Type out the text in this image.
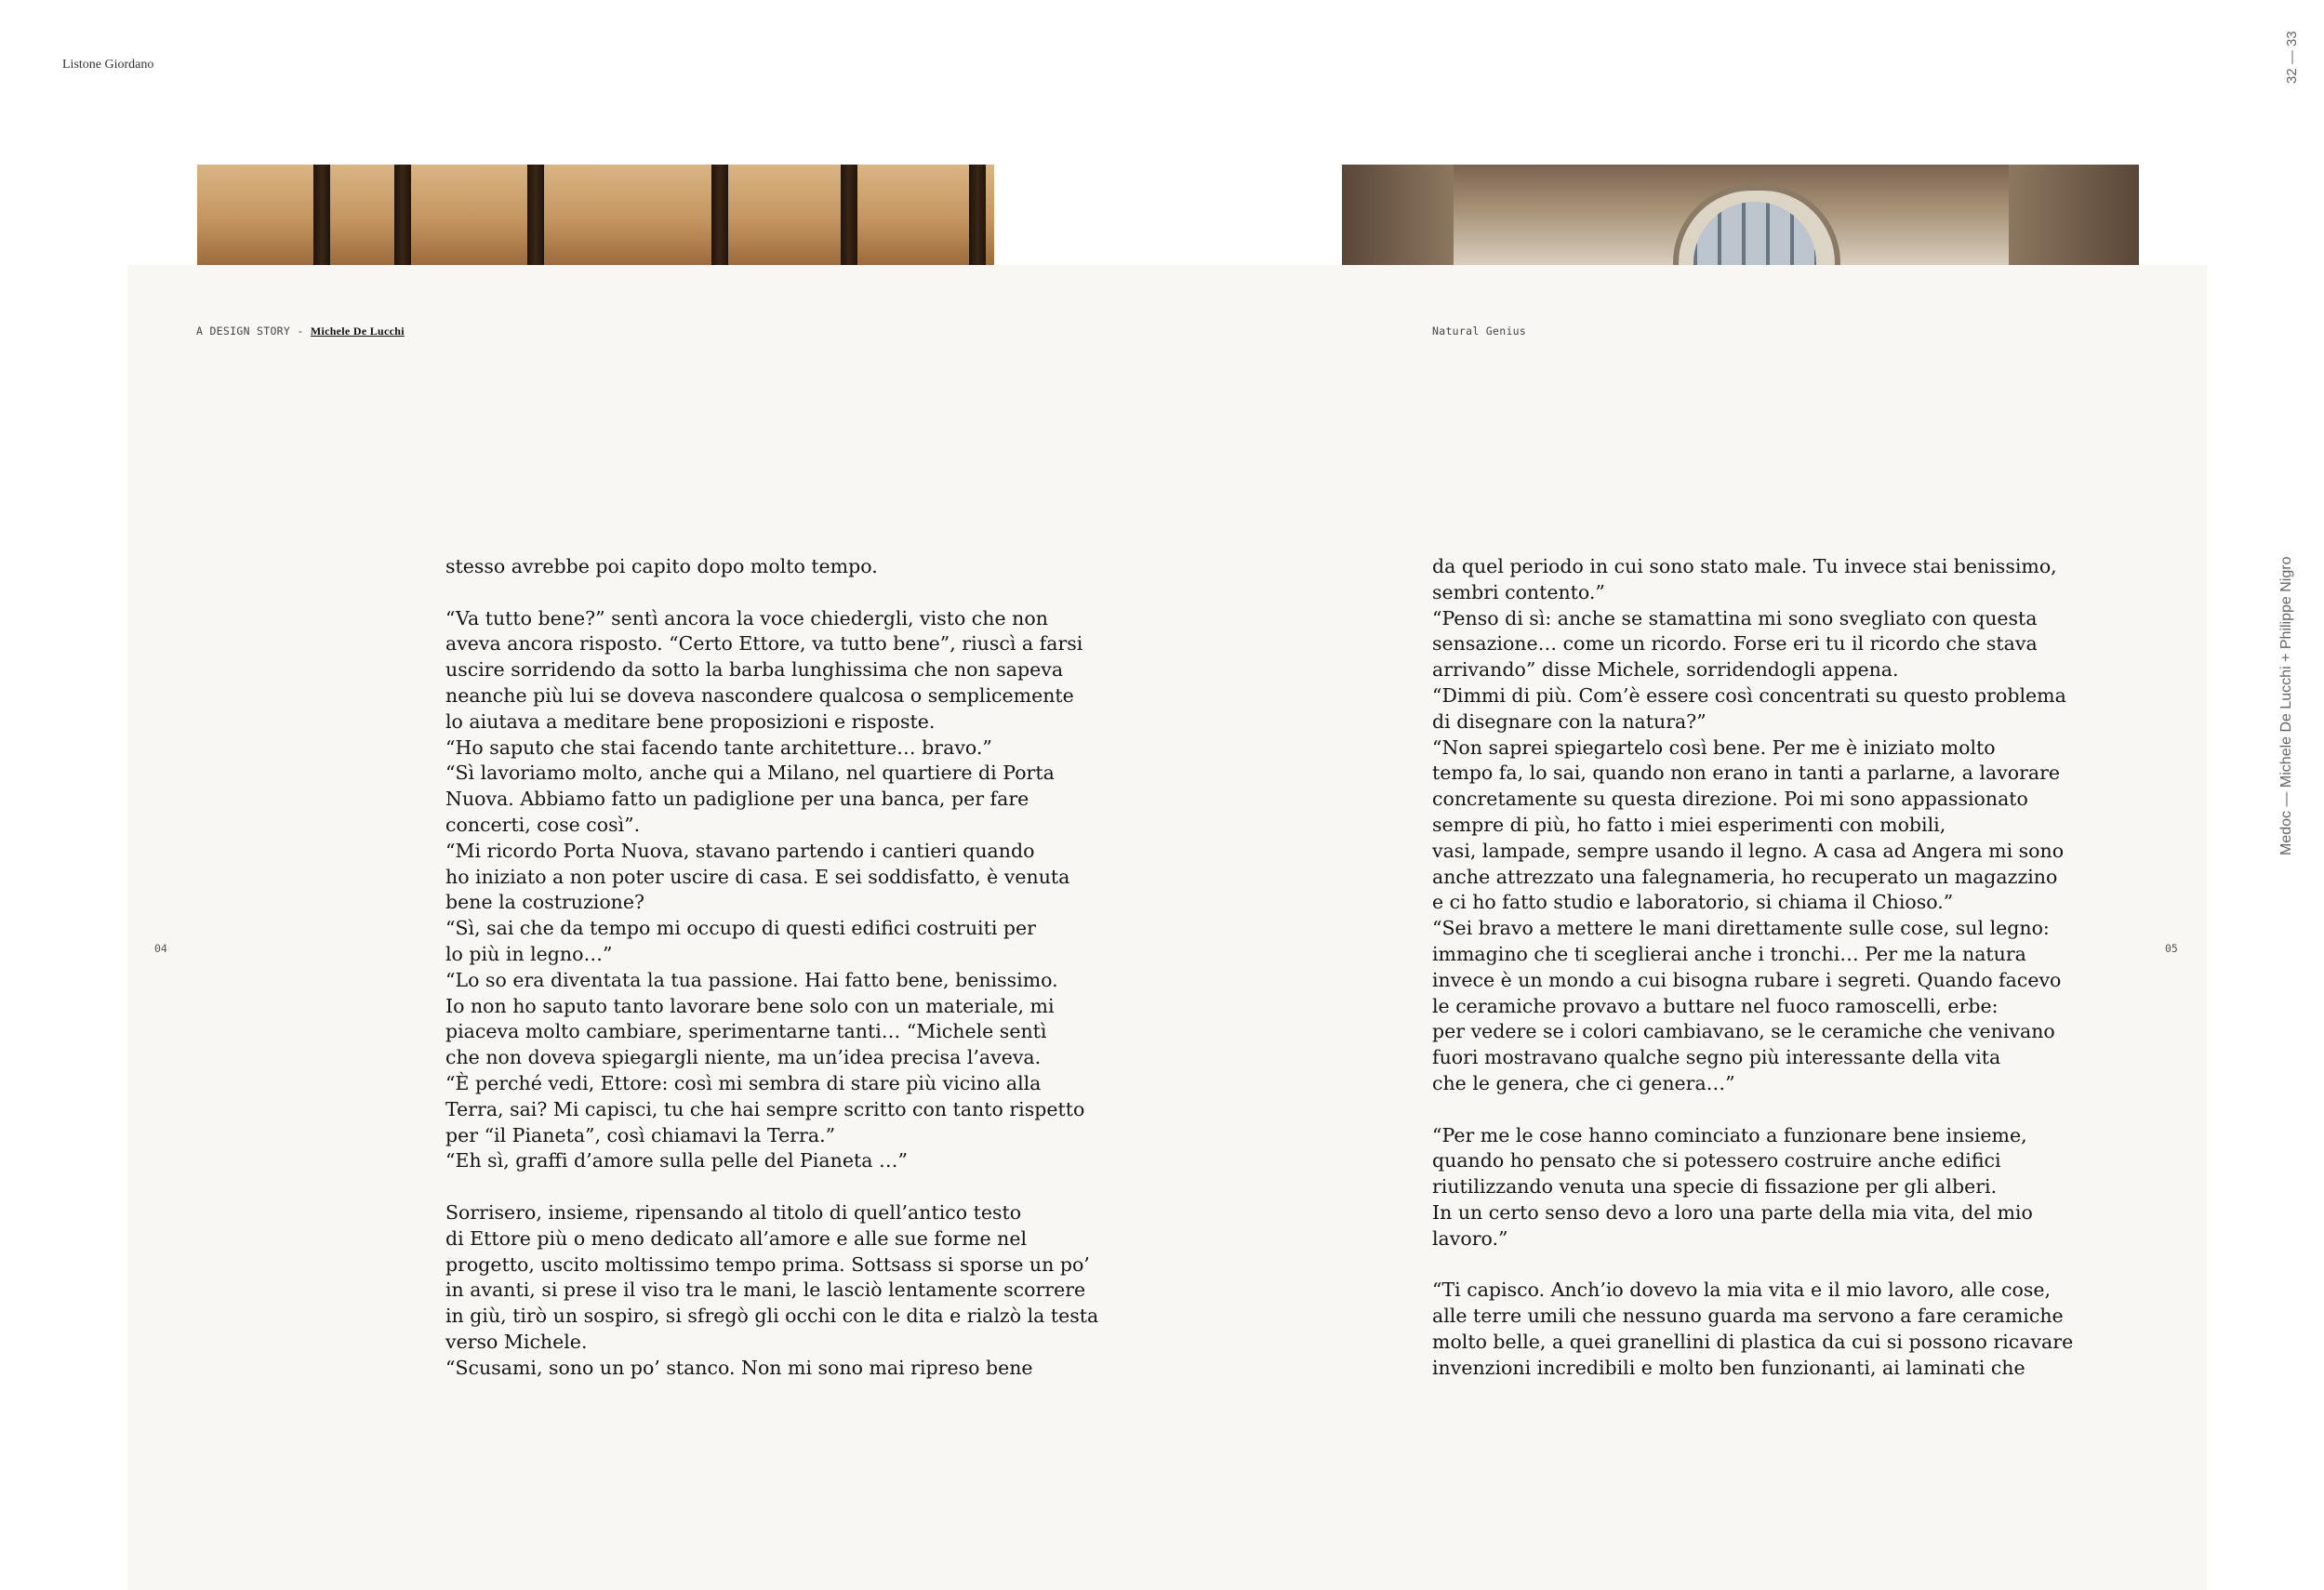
Listone Giordano	32 — 33
Medoc — Michele De Lucchi + Philippe Nigro
A DESIGN STORY - Michele De Lucchi	Natural Genius
04	05

stesso avrebbe poi capito dopo molto tempo.

“Va tutto bene?” sentì ancora la voce chiedergli, visto che non

aveva ancora risposto. “Certo Ettore, va tutto bene”, riuscì a farsi

uscire sorridendo da sotto la barba lunghissima che non sapeva

neanche più lui se doveva nascondere qualcosa o semplicemente

lo aiutava a meditare bene proposizioni e risposte.

“Ho saputo che stai facendo tante architetture… bravo.”

“Sì lavoriamo molto, anche qui a Milano, nel quartiere di Porta

Nuova. Abbiamo fatto un padiglione per una banca, per fare

concerti, cose così”.

“Mi ricordo Porta Nuova, stavano partendo i cantieri quando

ho iniziato a non poter uscire di casa. E sei soddisfatto, è venuta

bene la costruzione?

“Sì, sai che da tempo mi occupo di questi edifici costruiti per

lo più in legno…”

“Lo so era diventata la tua passione. Hai fatto bene, benissimo.

Io non ho saputo tanto lavorare bene solo con un materiale, mi

piaceva molto cambiare, sperimentarne tanti… “Michele sentì

che non doveva spiegargli niente, ma un’idea precisa l’aveva.

“È perché vedi, Ettore: così mi sembra di stare più vicino alla

Terra, sai? Mi capisci, tu che hai sempre scritto con tanto rispetto

per “il Pianeta”, così chiamavi la Terra.”

“Eh sì, graffi d’amore sulla pelle del Pianeta …”

Sorrisero, insieme, ripensando al titolo di quell’antico testo

di Ettore più o meno dedicato all’amore e alle sue forme nel

progetto, uscito moltissimo tempo prima. Sottsass si sporse un po’

in avanti, si prese il viso tra le mani, le lasciò lentamente scorrere

in giù, tirò un sospiro, si sfregò gli occhi con le dita e rialzò la testa

verso Michele.

“Scusami, sono un po’ stanco. Non mi sono mai ripreso bene

da quel periodo in cui sono stato male. Tu invece stai benissimo,

sembri contento.”

“Penso di sì: anche se stamattina mi sono svegliato con questa

sensazione… come un ricordo. Forse eri tu il ricordo che stava

arrivando” disse Michele, sorridendogli appena.

“Dimmi di più. Com’è essere così concentrati su questo problema

di disegnare con la natura?”

“Non saprei spiegartelo così bene. Per me è iniziato molto

tempo fa, lo sai, quando non erano in tanti a parlarne, a lavorare

concretamente su questa direzione. Poi mi sono appassionato

sempre di più, ho fatto i miei esperimenti con mobili,

vasi, lampade, sempre usando il legno. A casa ad Angera mi sono

anche attrezzato una falegnameria, ho recuperato un magazzino

e ci ho fatto studio e laboratorio, si chiama il Chioso.”

“Sei bravo a mettere le mani direttamente sulle cose, sul legno:

immagino che ti sceglierai anche i tronchi… Per me la natura

invece è un mondo a cui bisogna rubare i segreti. Quando facevo

le ceramiche provavo a buttare nel fuoco ramoscelli, erbe:

per vedere se i colori cambiavano, se le ceramiche che venivano

fuori mostravano qualche segno più interessante della vita

che le genera, che ci genera…”

“Per me le cose hanno cominciato a funzionare bene insieme,

quando ho pensato che si potessero costruire anche edifici

riutilizzando venuta una specie di fissazione per gli alberi.

In un certo senso devo a loro una parte della mia vita, del mio

lavoro.”

“Ti capisco. Anch’io dovevo la mia vita e il mio lavoro, alle cose,

alle terre umili che nessuno guarda ma servono a fare ceramiche

molto belle, a quei granellini di plastica da cui si possono ricavare

invenzioni incredibili e molto ben funzionanti, ai laminati che
